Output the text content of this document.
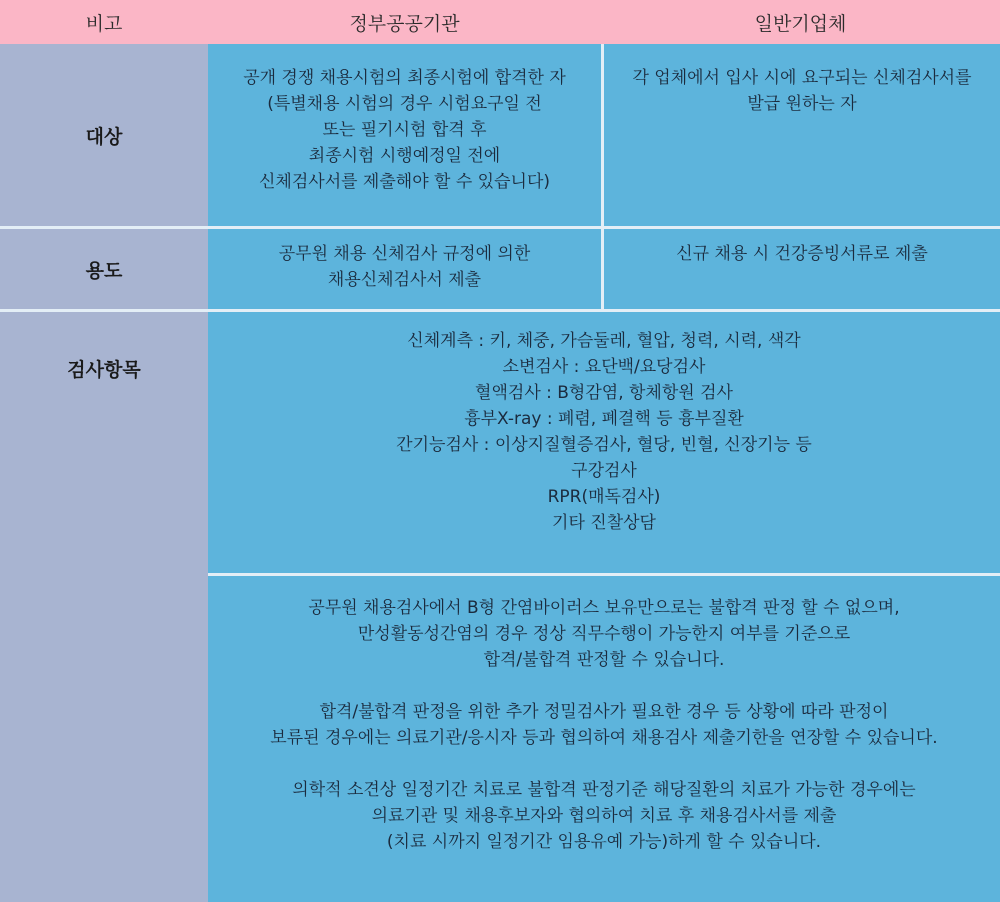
비고	정부공공기관	일반기업체
대상
용도
검사항목
공개 경쟁 채용시험의 최종시험에 합격한 자
(특별채용 시험의 경우 시험요구일 전
또는 필기시험 합격 후
최종시험 시행예정일 전에
신체검사서를 제출해야 할 수 있습니다)
각 업체에서 입사 시에 요구되는 신체검사서를
발급 원하는 자
공무원 채용 신체검사 규정에 의한
채용신체검사서 제출
신규 채용 시 건강증빙서류로 제출
신체계측 : 키, 체중, 가슴둘레, 혈압, 청력, 시력, 색각
소변검사 : 요단백/요당검사
혈액검사 : B형감염, 항체항원 검사
흉부X-ray : 폐렴, 폐결핵 등 흉부질환
간기능검사 : 이상지질혈증검사, 혈당, 빈혈, 신장기능 등
구강검사
RPR(매독검사)
기타 진찰상담
공무원 채용검사에서 B형 간염바이러스 보유만으로는 불합격 판정 할 수 없으며,
만성활동성간염의 경우 정상 직무수행이 가능한지 여부를 기준으로
합격/불합격 판정할 수 있습니다.
합격/불합격 판정을 위한 추가 정밀검사가 필요한 경우 등 상황에 따라 판정이
보류된 경우에는 의료기관/응시자 등과 협의하여 채용검사 제출기한을 연장할 수 있습니다.
의학적 소견상 일정기간 치료로 불합격 판정기준 해당질환의 치료가 가능한 경우에는
의료기관 및 채용후보자와 협의하여 치료 후 채용검사서를 제출
(치료 시까지 일정기간 임용유예 가능)하게 할 수 있습니다.
